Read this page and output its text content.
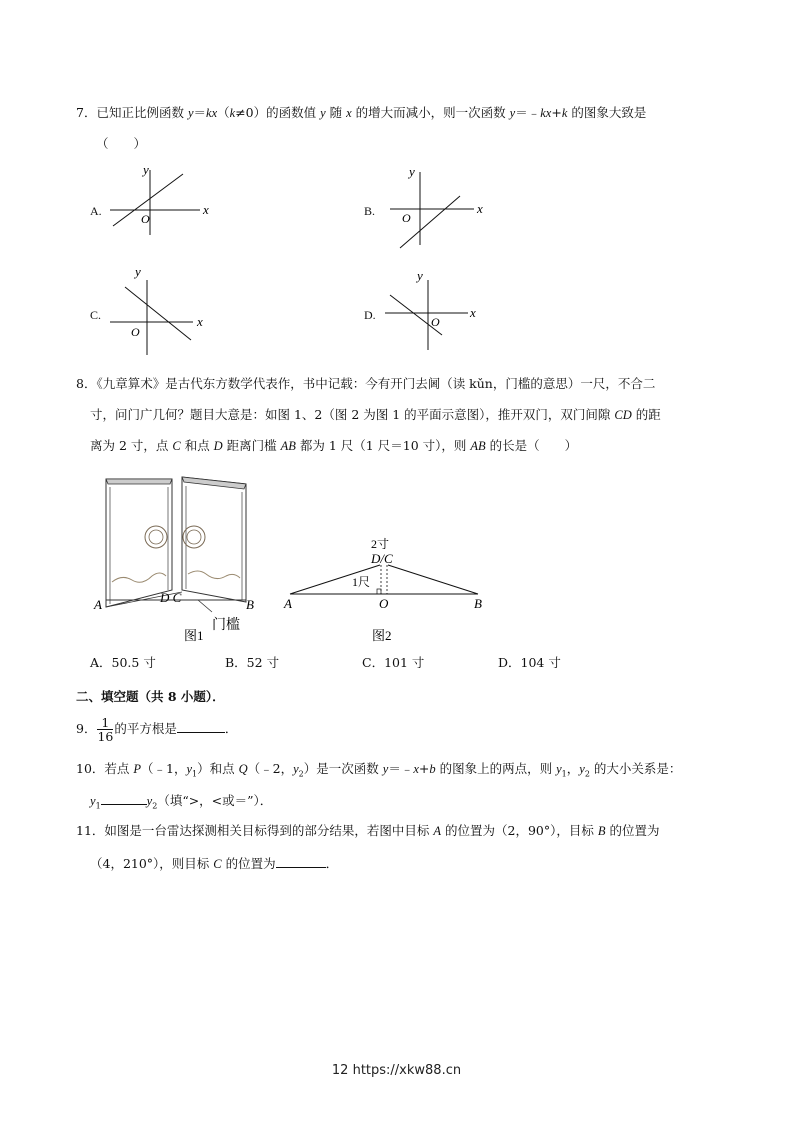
7．已知正比例函数 y＝kx（k≠0）的函数值 y 随 x 的增大而减小，则一次函数 y＝﹣kx+k 的图象大致是
（　　）
A.	x
y
O
B.	x
y
O
C.	x
y
O
D.	x
y
O
8．《九章算术》是古代东方数学代表作，书中记载：今有开门去阃（读 kǔn，门槛的意思）一尺，不合二
寸，问门广几何？题目大意是：如图 1、2（图 2 为图 1 的平面示意图），推开双门，双门间隙 CD 的距
离为 2 寸，点 C 和点 D 距离门槛 AB 都为 1 尺（1 尺＝10 寸），则 AB 的长是（　　）
A	B
D C
门槛
图1
2寸
D/C
1尺
A	O	B
图2
A．50.5 寸	B．52 寸	C．101 寸	D．104 寸
二、填空题（共 8 小题）．
9． $\frac{1}{16}$ 的平方根是	．
10．若点 P（﹣1，$y_1$）和点 Q（﹣2，$y_2$）是一次函数 y＝﹣x+b 的图象上的两点，则 $y_1$，$y_2$ 的大小关系是：
$y_1$	$y_2$（填“>，<或＝”）．
11．如图是一台雷达探测相关目标得到的部分结果，若图中目标 A 的位置为（2，90°），目标 B 的位置为
（4，210°），则目标 C 的位置为	．
12 https://xkw88.cn
